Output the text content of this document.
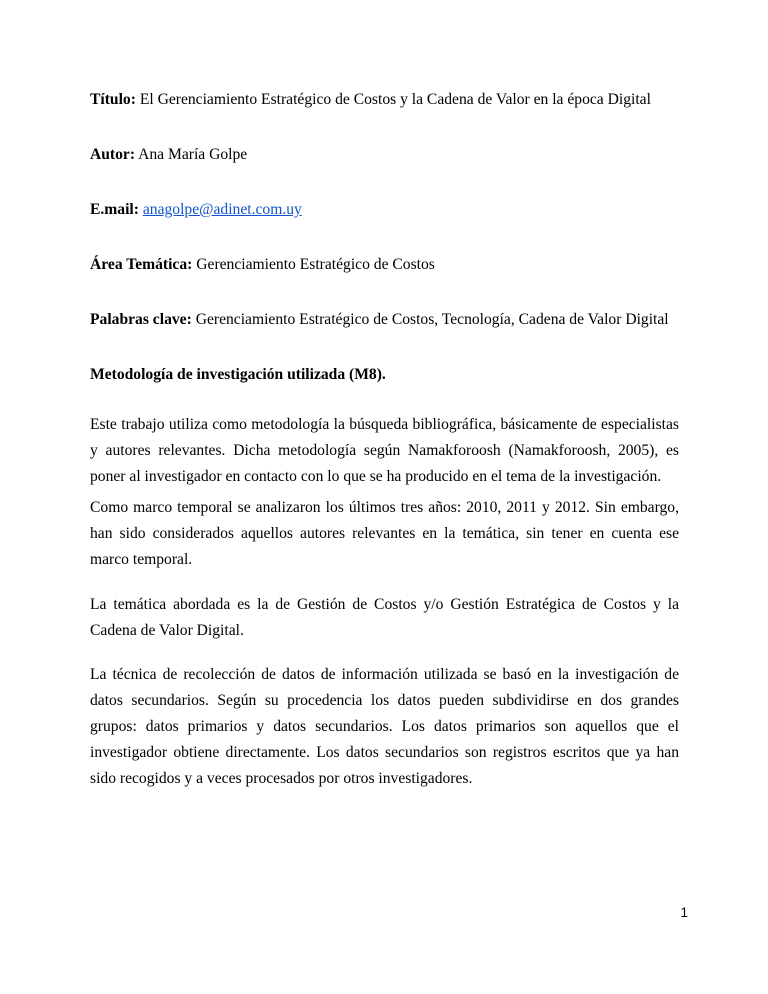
Título: El Gerenciamiento Estratégico de Costos y la Cadena de Valor en la época Digital
Autor: Ana María Golpe
E.mail: anagolpe@adinet.com.uy
Área Temática: Gerenciamiento Estratégico de Costos
Palabras clave: Gerenciamiento Estratégico de Costos, Tecnología, Cadena de Valor Digital
Metodología de investigación utilizada (M8).

Este trabajo utiliza como metodología la búsqueda bibliográfica, básicamente de especialistas y autores relevantes. Dicha metodología según Namakforoosh (Namakforoosh, 2005), es poner al investigador en contacto con lo que se ha producido en el tema de la investigación.

Como marco temporal se analizaron los últimos tres años: 2010, 2011 y 2012. Sin embargo, han sido considerados aquellos autores relevantes en la temática, sin tener en cuenta ese marco temporal.

La temática abordada es la de Gestión de Costos y/o Gestión Estratégica de Costos y la Cadena de Valor Digital.

La técnica de recolección de datos de información utilizada se basó en la investigación de datos secundarios. Según su procedencia los datos pueden subdividirse en dos grandes grupos: datos primarios y datos secundarios. Los datos primarios son aquellos que el investigador obtiene directamente. Los datos secundarios son registros escritos que ya han sido recogidos y a veces procesados por otros investigadores.

1
